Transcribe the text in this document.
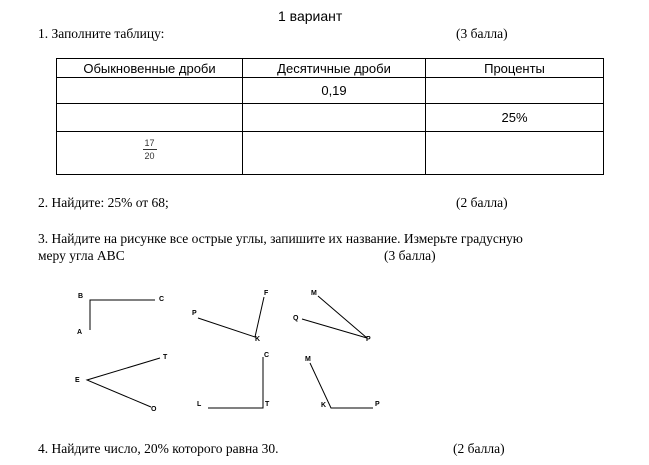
1 вариант
1. Заполните таблицу:	(3 балла)
Обыкновенные дроби	Десятичные дроби	Проценты
	0,19	
		25%

$\frac{17}{20}$

2. Найдите: 25% от 68;	(2 балла)
3. Найдите на рисунке все острые углы, запишите их название. Измерьте градусную
меру угла ABC	(3 балла)
B	C
A
F
P
K
M
Q
P
T
E
O
C
L	T
M
K	P
4. Найдите число, 20% которого равна 30.	(2 балла)
